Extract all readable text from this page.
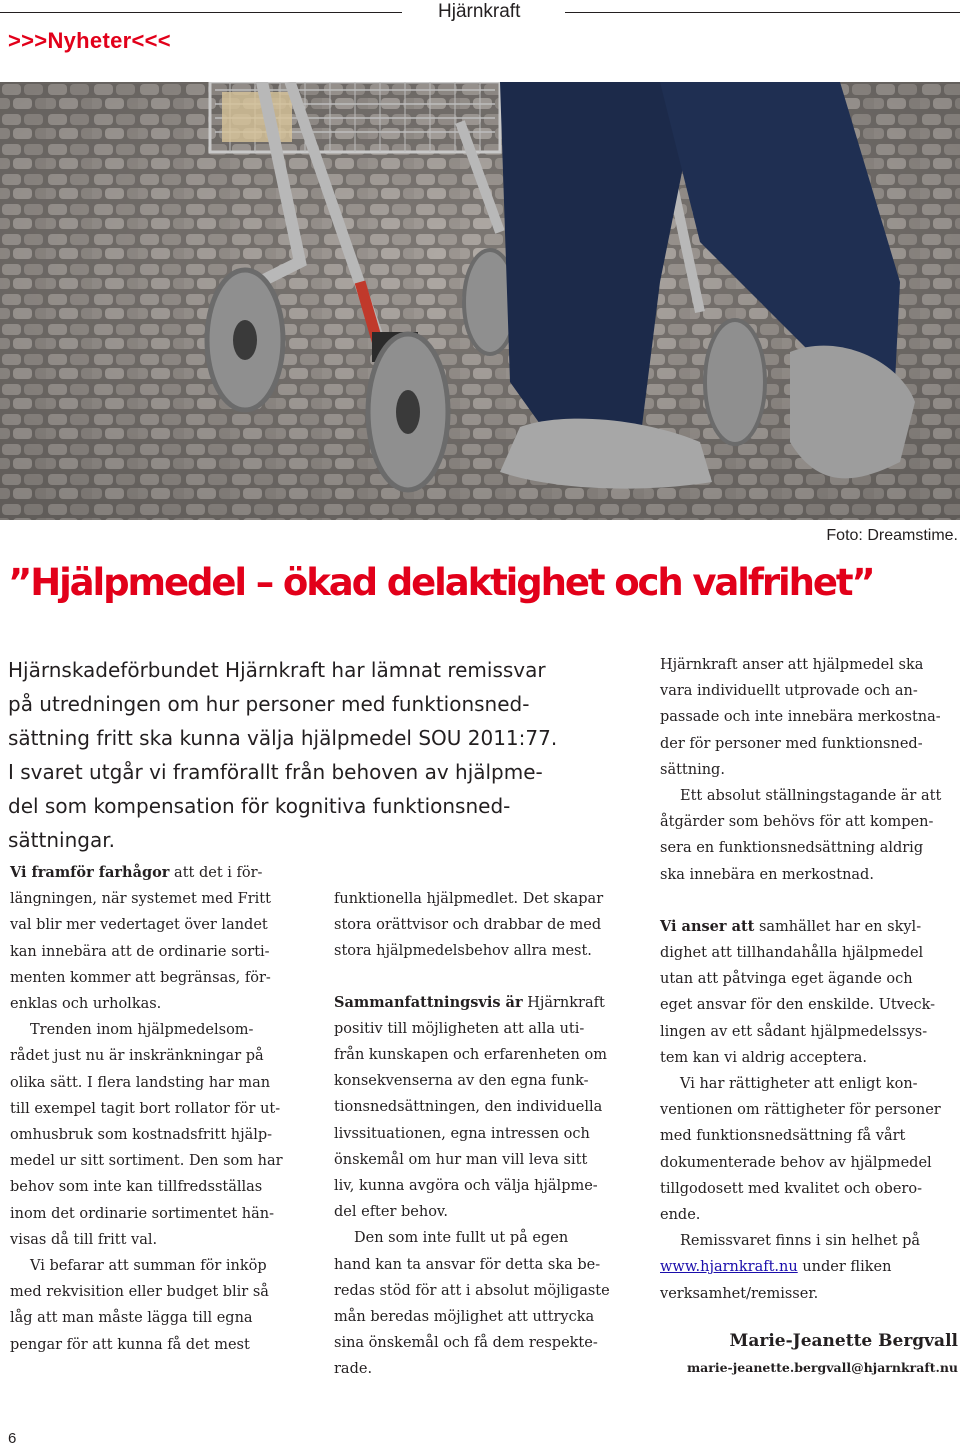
Hjärnkraft
>>>Nyheter<<<
Foto: Dreamstime.
”Hjälpmedel – ökad delaktighet och valfrihet”

Hjärnskadeförbundet Hjärnkraft har lämnat remissvar
på utredningen om hur personer med funktionsned-
sättning fritt ska kunna välja hjälpmedel SOU 2011:77.
I svaret utgår vi framförallt från behoven av hjälpme-
del som kompensation för kognitiva funktionsned-
sättningar.

Vi framför farhågor att det i för-
längningen, när systemet med Fritt
val blir mer vedertaget över landet
kan innebära att de ordinarie sorti-
menten kommer att begränsas, för-
enklas och urholkas.

Trenden inom hjälpmedelsom-
rådet just nu är inskränkningar på
olika sätt. I flera landsting har man
till exempel tagit bort rollator för ut-
omhusbruk som kostnadsfritt hjälp-
medel ur sitt sortiment. Den som har
behov som inte kan tillfredsställas
inom det ordinarie sortimentet hän-
visas då till fritt val.

Vi befarar att summan för inköp
med rekvisition eller budget blir så
låg att man måste lägga till egna
pengar för att kunna få det mest

funktionella hjälpmedlet. Det skapar
stora orättvisor och drabbar de med
stora hjälpmedelsbehov allra mest.

Sammanfattningsvis är Hjärnkraft
positiv till möjligheten att alla uti-
från kunskapen och erfarenheten om
konsekvenserna av den egna funk-
tionsnedsättningen, den individuella
livssituationen, egna intressen och
önskemål om hur man vill leva sitt
liv, kunna avgöra och välja hjälpme-
del efter behov.

Den som inte fullt ut på egen
hand kan ta ansvar för detta ska be-
redas stöd för att i absolut möjligaste
mån beredas möjlighet att uttrycka
sina önskemål och få dem respekte-
rade.

Hjärnkraft anser att hjälpmedel ska
vara individuellt utprovade och an-
passade och inte innebära merkostna-
der för personer med funktionsned-
sättning.

Ett absolut ställningstagande är att
åtgärder som behövs för att kompen-
sera en funktionsnedsättning aldrig
ska innebära en merkostnad.

Vi anser att samhället har en skyl-
dighet att tillhandahålla hjälpmedel
utan att påtvinga eget ägande och
eget ansvar för den enskilde. Utveck-
lingen av ett sådant hjälpmedelssys-
tem kan vi aldrig acceptera.

Vi har rättigheter att enligt kon-
ventionen om rättigheter för personer
med funktionsnedsättning få vårt
dokumenterade behov av hjälpmedel
tillgodosett med kvalitet och obero-
ende.

Remissvaret finns i sin helhet på
www.hjarnkraft.nu under fliken
verksamhet/remisser.

Marie-Jeanette Bergvall
marie-jeanette.bergvall@hjarnkraft.nu
6
